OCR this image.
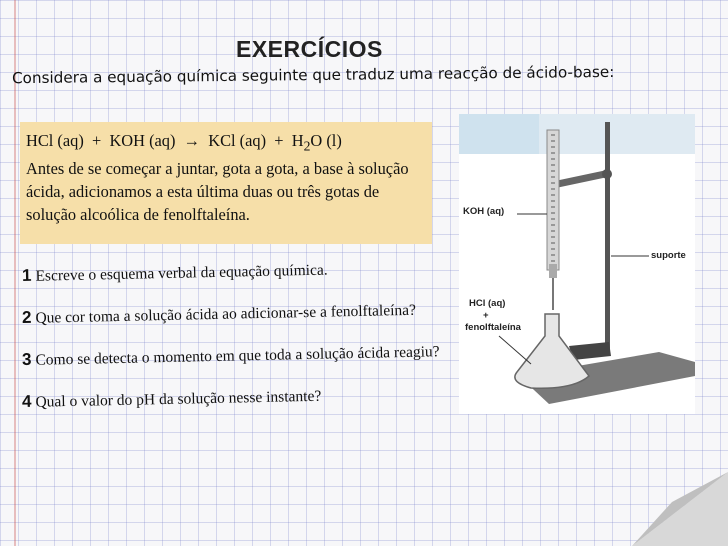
EXERCÍCIOS
Considera a equação química seguinte que traduz uma reacção de ácido-base:
HCl (aq) + KOH (aq) → KCl $(aq) + H_2O$ (l)

Antes de se começar a juntar, gota a gota, a base à solução ácida, adicionamos a esta última duas ou três gotas de solução alcoólica de fenolftaleína.

1 Escreve o esquema verbal da equação química.
2 Que cor toma a solução ácida ao adicionar-se a fenolftaleína?
3 Como se detecta o momento em que toda a solução ácida reagiu?
4 Qual o valor do pH da solução nesse instante?
KOH (aq)
suporte
HCl (aq)
+
fenolftaleína
